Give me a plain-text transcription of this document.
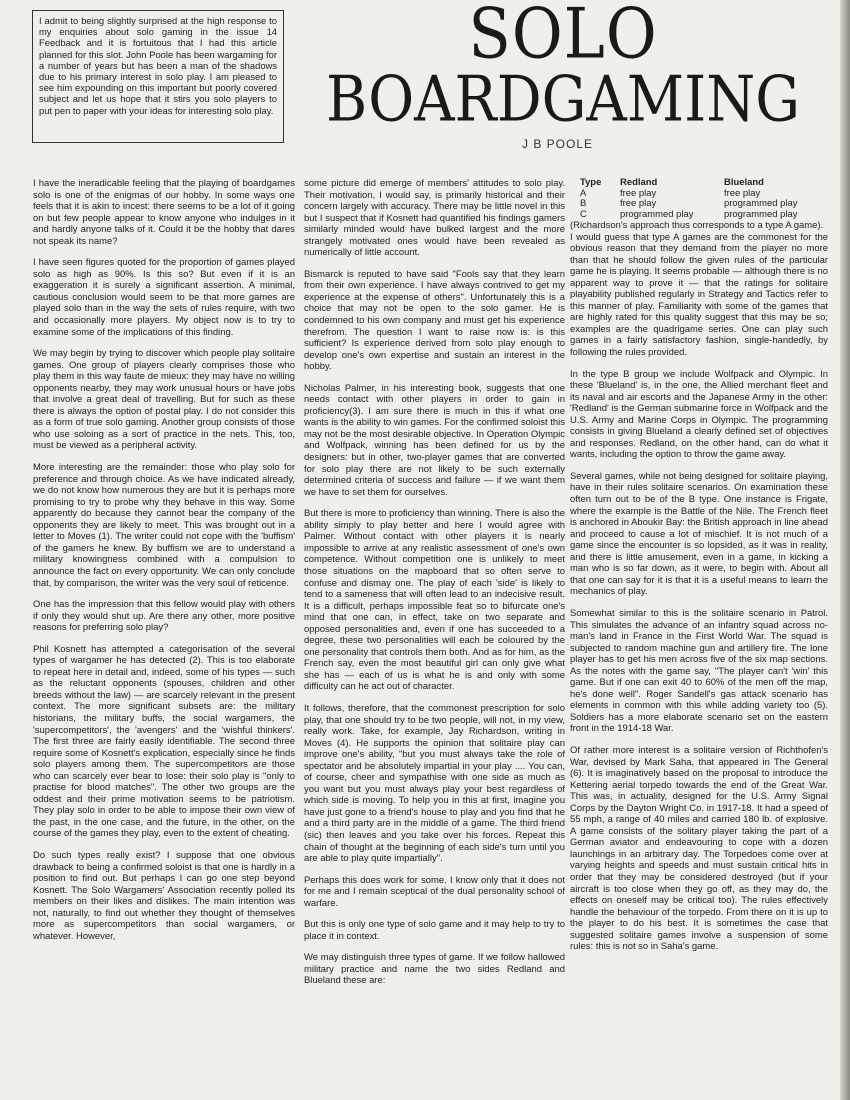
I admit to being slightly surprised at the high response to my enquiries about solo gaming in the issue 14 Feedback and it is fortuitous that I had this article planned for this slot. John Poole has been wargaming for a number of years but has been a man of the shadows due to his primary interest in solo play. I am pleased to see him expounding on this important but poorly covered subject and let us hope that it stirs you solo players to put pen to paper with your ideas for interesting solo play.
SOLO
BOARDGAMING
J B POOLE

I have the ineradicable feeling that the playing of boardgames solo is one of the enigmas of our hobby. In some ways one feels that it is akin to incest: there seems to be a lot of it going on but few people appear to know anyone who indulges in it and hardly anyone talks of it. Could it be the hobby that dares not speak its name?

I have seen figures quoted for the proportion of games played solo as high as 90%. Is this so? But even if it is an exaggeration it is surely a significant assertion. A minimal, cautious conclusion would seem to be that more games are played solo than in the way the sets of rules require, with two and occasionally more players. My object now is to try to examine some of the implications of this finding.

We may begin by trying to discover which people play solitaire games. One group of players clearly comprises those who play them in this way faute de mieux: they may have no willing opponents nearby, they may work unusual hours or have jobs that involve a great deal of travelling. But for such as these there is always the option of postal play. I do not consider this as a form of true solo gaming. Another group consists of those who use soloing as a sort of practice in the nets. This, too, must be viewed as a peripheral activity.

More interesting are the remainder: those who play solo for preference and through choice. As we have indicated already, we do not know how numerous they are but it is perhaps more promising to try to probe why they behave in this way. Some apparently do because they cannot bear the company of the opponents they are likely to meet. This was brought out in a letter to Moves (1). The writer could not cope with the 'buffism' of the gamers he knew. By buffism we are to understand a military knowingness combined with a compulsion to announce the fact on every opportunity. We can only conclude that, by comparison, the writer was the very soul of reticence.

One has the impression that this fellow would play with others if only they would shut up. Are there any other, more positive reasons for preferring solo play?

Phil Kosnett has attempted a categorisation of the several types of wargamer he has detected (2). This is too elaborate to repeat here in detail and, indeed, some of his types — such as the reluctant opponents (spouses, children and other breeds without the law) — are scarcely relevant in the present context. The more significant subsets are: the military historians, the military buffs, the social wargamers, the 'supercompetitors', the 'avengers' and the 'wishful thinkers'. The first three are fairly easily identifiable. The second three require some of Kosnett's explication, especially since he finds solo players among them. The supercompetitors are those who can scarcely ever bear to lose: their solo play is "only to practise for blood matches". The other two groups are the oddest and their prime motivation seems to be patriotism. They play solo in order to be able to impose their own view of the past, in the one case, and the future, in the other, on the course of the games they play, even to the extent of cheating.

Do such types really exist? I suppose that one obvious drawback to being a confirmed soloist is that one is hardly in a position to find out. But perhaps I can go one step beyond Kosnett. The Solo Wargamers' Association recently polled its members on their likes and dislikes. The main intention was not, naturally, to find out whether they thought of themselves more as supercompetitors than social wargamers, or whatever. However,

some picture did emerge of members' attitudes to solo play. Their motivation, I would say, is primarily historical and their concern largely with accuracy. There may be little novel in this but I suspect that if Kosnett had quantified his findings gamers similarly minded would have bulked largest and the more strangely motivated ones would have been revealed as numerically of little account.

Bismarck is reputed to have said "Fools say that they learn from their own experience. I have always contrived to get my experience at the expense of others". Unfortunately this is a choice that may not be open to the solo gamer. He is condemned to his own company and must get his experience therefrom. The question I want to raise now is: is this sufficient? Is experience derived from solo play enough to develop one's own expertise and sustain an interest in the hobby.

Nicholas Palmer, in his interesting book, suggests that one needs contact with other players in order to gain in proficiency(3). I am sure there is much in this if what one wants is the ability to win games. For the confirmed soloist this may not be the most desirable objective. In Operation Olympic and Wolfpack, winning has been defined for us by the designers: but in other, two-player games that are converted for solo play there are not likely to be such externally determined criteria of success and failure — if we want them we have to set them for ourselves.

But there is more to proficiency than winning. There is also the ability simply to play better and here I would agree with Palmer. Without contact with other players it is nearly impossible to arrive at any realistic assessment of one's own competence. Without competition one is unlikely to meet those situations on the mapboard that so often serve to confuse and dismay one. The play of each 'side' is likely to tend to a sameness that will often lead to an indecisive result. It is a difficult, perhaps impossible feat so to bifurcate one's mind that one can, in effect, take on two separate and opposed personalities and, even if one has succeeded to a degree, these two personalities will each be coloured by the one personality that controls them both. And as for him, as the French say, even the most beautiful girl can only give what she has — each of us is what he is and only with some difficulty can he act out of character.

It follows, therefore, that the commonest prescription for solo play, that one should try to be two people, will not, in my view, really work. Take, for example, Jay Richardson, writing in Moves (4). He supports the opinion that solitaire play can improve one's ability, "but you must always take the role of spectator and be absolutely impartial in your play .... You can, of course, cheer and sympathise with one side as much as you want but you must always play your best regardless of which side is moving. To help you in this at first, imagine you have just gone to a friend's house to play and you find that he and a third party are in the middle of a game. The third friend (sic) then leaves and you take over his forces. Repeat this chain of thought at the beginning of each side's turn until you are able to play quite impartially".

Perhaps this does work for some. I know only that it does not for me and I remain sceptical of the dual personality school of warfare.

But this is only one type of solo game and it may help to try to place it in context.

We may distinguish three types of game. If we follow hallowed military practice and name the two sides Redland and Blueland these are:

Type	Redland	Blueland
A	free play	free play
B	free play	programmed play
C	programmed play	programmed play

(Richardson's approach thus corresponds to a type A game).

I would guess that type A games are the commonest for the obvious reason that they demand from the player no more than that he should follow the given rules of the particular game he is playing. It seems probable — although there is no apparent way to prove it — that the ratings for solitaire playability published regularly in Strategy and Tactics refer to this manner of play. Familiarity with some of the games that are highly rated for this quality suggest that this may be so; examples are the quadrigame series. One can play such games in a fairly satisfactory fashion, single-handedly, by following the rules provided.

In the type B group we include Wolfpack and Olympic. In these 'Blueland' is, in the one, the Allied merchant fleet and its naval and air escorts and the Japanese Army in the other: 'Redland' is the German submarine force in Wolfpack and the U.S. Army and Marine Corps in Olympic. The programming consists in giving Blueland a clearly defined set of objectives and responses. Redland, on the other hand, can do what it wants, including the option to throw the game away.

Several games, while not being designed for solitaire playing, have in their rules solitaire scenarios. On examination these often turn out to be of the B type. One instance is Frigate, where the example is the Battle of the Nile. The French fleet is anchored in Aboukir Bay: the British approach in line ahead and proceed to cause a lot of mischief. It is not much of a game since the encounter is so lopsided, as it was in reality, and there is little amusement, even in a game, in kicking a man who is so far down, as it were, to begin with. About all that one can say for it is that it is a useful means to learn the mechanics of play.

Somewhat similar to this is the solitaire scenario in Patrol. This simulates the advance of an infantry squad across no-man's land in France in the First World War. The squad is subjected to random machine gun and artillery fire. The lone player has to get his men across five of the six map sections. As the notes with the game say, "The player can't 'win' this game. But if one can exit 40 to 60% of the men off the map, he's done well". Roger Sandell's gas attack scenario has elements in common with this while adding variety too (5). Soldiers has a more elaborate scenario set on the eastern front in the 1914-18 War.

Of rather more interest is a solitaire version of Richthofen's War, devised by Mark Saha, that appeared in The General (6). It is imaginatively based on the proposal to introduce the Kettering aerial torpedo towards the end of the Great War. This was, in actuality, designed for the U.S. Army Signal Corps by the Dayton Wright Co. in 1917-18. It had a speed of 55 mph, a range of 40 miles and carried 180 lb. of explosive. A game consists of the solitary player taking the part of a German aviator and endeavouring to cope with a dozen launchings in an arbitrary day. The Torpedoes come over at varying heights and speeds and must sustain critical hits in order that they may be considered destroyed (but if your aircraft is too close when they go off, as they may do, the effects on oneself may be critical too). The rules effectively handle the behaviour of the torpedo. From there on it is up to the player to do his best. It is sometimes the case that suggested solitaire games involve a suspension of some rules: this is not so in Saha's game.
